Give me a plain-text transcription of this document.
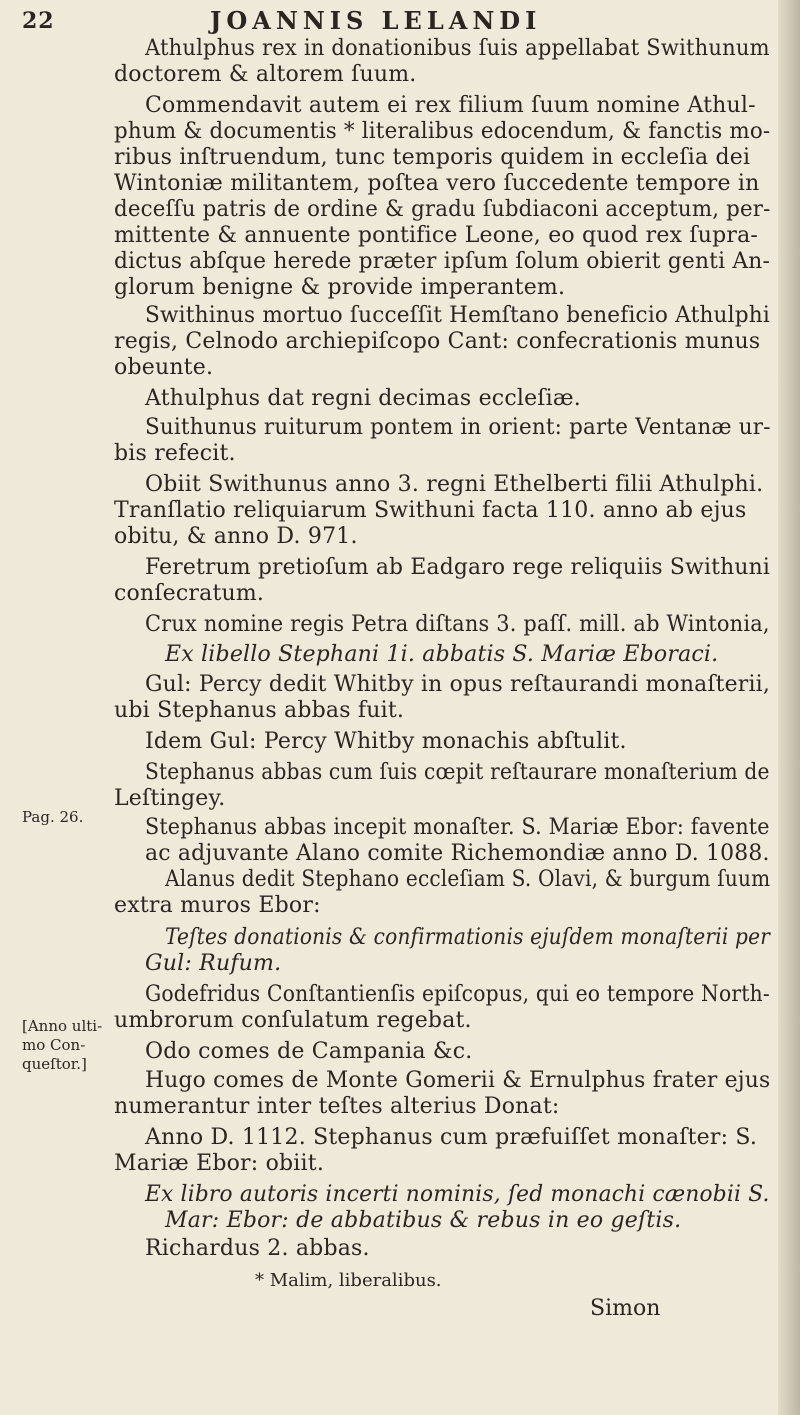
22	JOANNIS LELANDI
Pag. 26.
[Anno ulti-
mo Con-
queſtor.]
Athulphus rex in donationibus ſuis appellabat Swithunum
doctorem & altorem ſuum.
Commendavit autem ei rex filium ſuum nomine Athul-
phum & documentis * literalibus edocendum, & fanctis mo-
ribus inſtruendum, tunc temporis quidem in eccleſia dei
Wintoniæ militantem, poſtea vero ſuccedente tempore in
deceſſu patris de ordine & gradu ſubdiaconi acceptum, per-
mittente & annuente pontifice Leone, eo quod rex ſupra-
dictus abſque herede præter ipſum ſolum obierit genti An-
glorum benigne & provide imperantem.
Swithinus mortuo ſucceſſit Hemſtano beneficio Athulphi
regis, Celnodo archiepiſcopo Cant: confecrationis munus
obeunte.
Athulphus dat regni decimas eccleſiæ.
Suithunus ruiturum pontem in orient: parte Ventanæ ur-
bis refecit.
Obiit Swithunus anno 3. regni Ethelberti filii Athulphi.
Tranſlatio reliquiarum Swithuni facta 110. anno ab ejus
obitu, & anno D. 971.
Feretrum pretioſum ab Eadgaro rege reliquiis Swithuni
conſecratum.
Crux nomine regis Petra diſtans 3. paſſ. mill. ab Wintonia,
Ex libello Stephani 1i. abbatis S. Mariæ Eboraci.
Gul: Percy dedit Whitby in opus reſtaurandi monaſterii,
ubi Stephanus abbas fuit.
Idem Gul: Percy Whitby monachis abſtulit.
Stephanus abbas cum ſuis cœpit reſtaurare monaſterium de
Leſtingey.
Stephanus abbas incepit monaſter. S. Mariæ Ebor: favente
ac adjuvante Alano comite Richemondiæ anno D. 1088.
Alanus dedit Stephano eccleſiam S. Olavi, & burgum ſuum
extra muros Ebor:
Teſtes donationis & confirmationis ejuſdem monaſterii per
Gul: Rufum.
Godefridus Conſtantienſis epiſcopus, qui eo tempore North-
umbrorum conſulatum regebat.
Odo comes de Campania &c.
Hugo comes de Monte Gomerii & Ernulphus frater ejus
numerantur inter teſtes alterius Donat:
Anno D. 1112. Stephanus cum præfuiſſet monaſter: S.
Mariæ Ebor: obiit.
Ex libro autoris incerti nominis, ſed monachi cænobii S.
Mar: Ebor: de abbatibus & rebus in eo geſtis.
Richardus 2. abbas.
* Malim, liberalibus.
Simon
